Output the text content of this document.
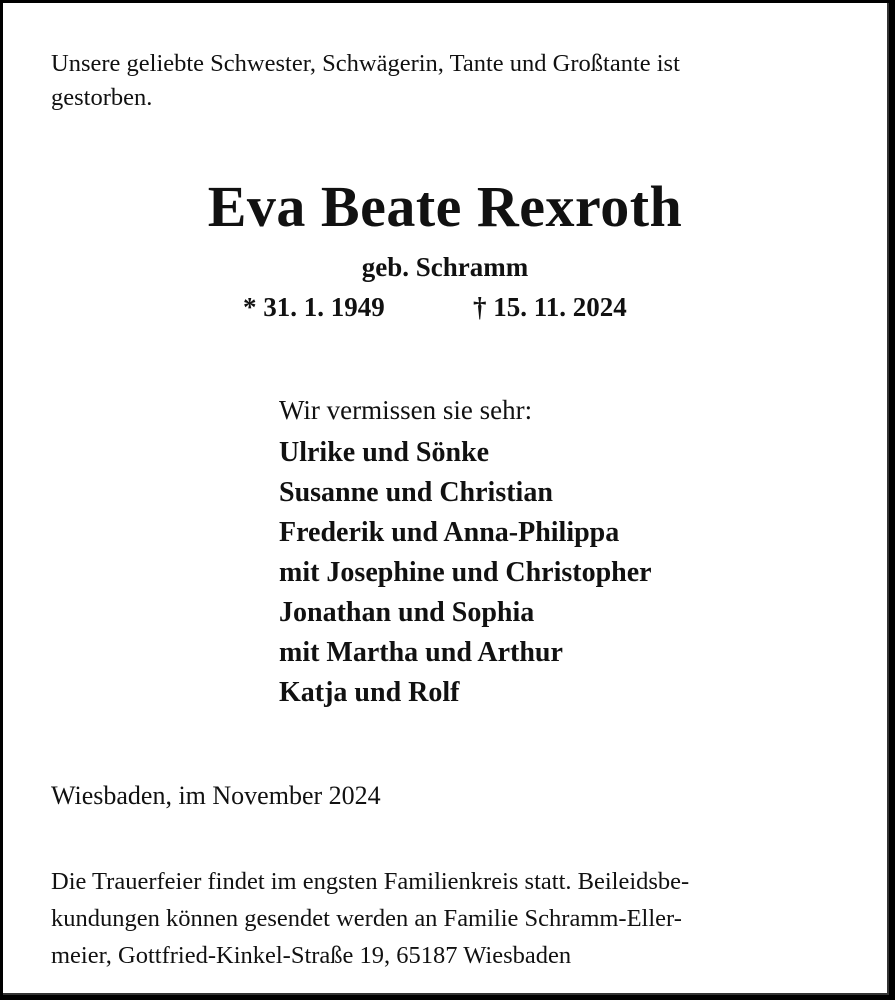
Unsere geliebte Schwester, Schwägerin, Tante und Großtante ist
gestorben.
Eva Beate Rexroth
geb. Schramm
* 31. 1. 1949	† 15. 11. 2024
Wir vermissen sie sehr:
Ulrike und Sönke
Susanne und Christian
Frederik und Anna-Philippa
mit Josephine und Christopher
Jonathan und Sophia
mit Martha und Arthur
Katja und Rolf
Wiesbaden, im November 2024
Die Trauerfeier findet im engsten Familienkreis statt. Beileidsbe-
kundungen können gesendet werden an Familie Schramm-Eller-
meier, Gottfried-Kinkel-Straße 19, 65187 Wiesbaden
